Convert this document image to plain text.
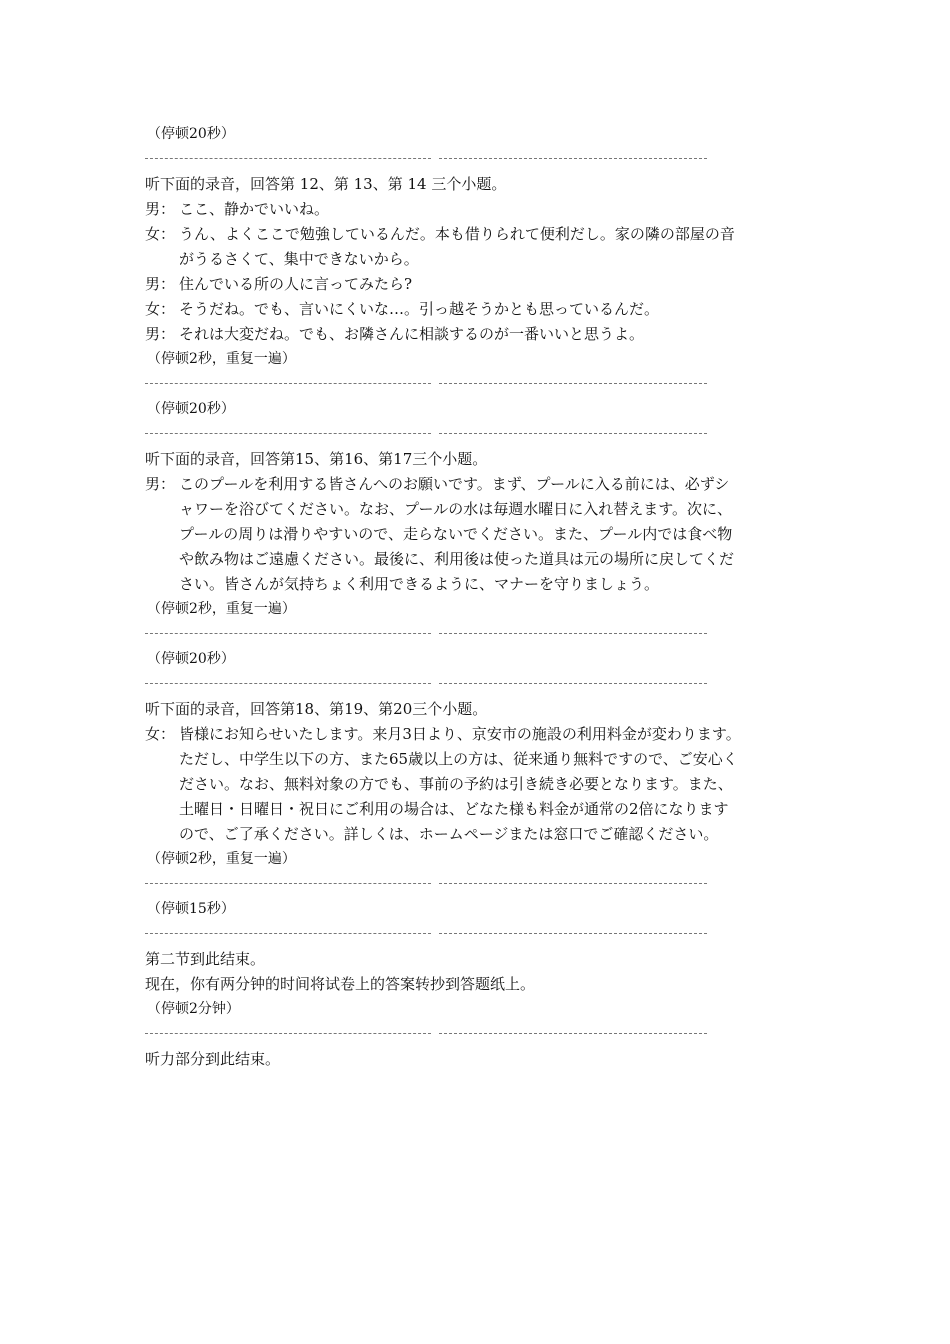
（停顿20秒）
听下面的录音，回答第 12、第 13、第 14 三个小题。
男： ここ、静かでいいね。

女： うん、よくここで勉強しているんだ。本も借りられて便利だし。家の隣の部屋の音

がうるさくて、集中できないから。

男： 住んでいる所の人に言ってみたら?

女： そうだね。でも、言いにくいな…。引っ越そうかとも思っているんだ。

男： それは大変だね。でも、お隣さんに相談するのが一番いいと思うよ。

（停顿2秒，重复一遍）
（停顿20秒）
听下面的录音，回答第15、第16、第17三个小题。
男： このプールを利用する皆さんへのお願いです。まず、プールに入る前には、必ずシ

ャワーを浴びてください。なお、プールの水は毎週水曜日に入れ替えます。次に、

プールの周りは滑りやすいので、走らないでください。また、プール内では食べ物

や飲み物はご遠慮ください。最後に、利用後は使った道具は元の場所に戻してくだ

さい。皆さんが気持ちょく利用できるように、マナーを守りましょう。

（停顿2秒，重复一遍）
（停顿20秒）
听下面的录音，回答第18、第19、第20三个小题。
女： 皆様にお知らせいたします。来月3日より、京安市の施設の利用料金が変わります。

ただし、中学生以下の方、また65歳以上の方は、従来通り無料ですので、ご安心く

ださい。なお、無料対象の方でも、事前の予約は引き続き必要となります。また、

土曜日・日曜日・祝日にご利用の場合は、どなた様も料金が通常の2倍になります

ので、ご了承ください。詳しくは、ホームページまたは窓口でご確認ください。

（停顿2秒，重复一遍）
（停顿15秒）
第二节到此结束。
现在，你有两分钟的时间将试卷上的答案转抄到答题纸上。
（停顿2分钟）
听力部分到此结束。
